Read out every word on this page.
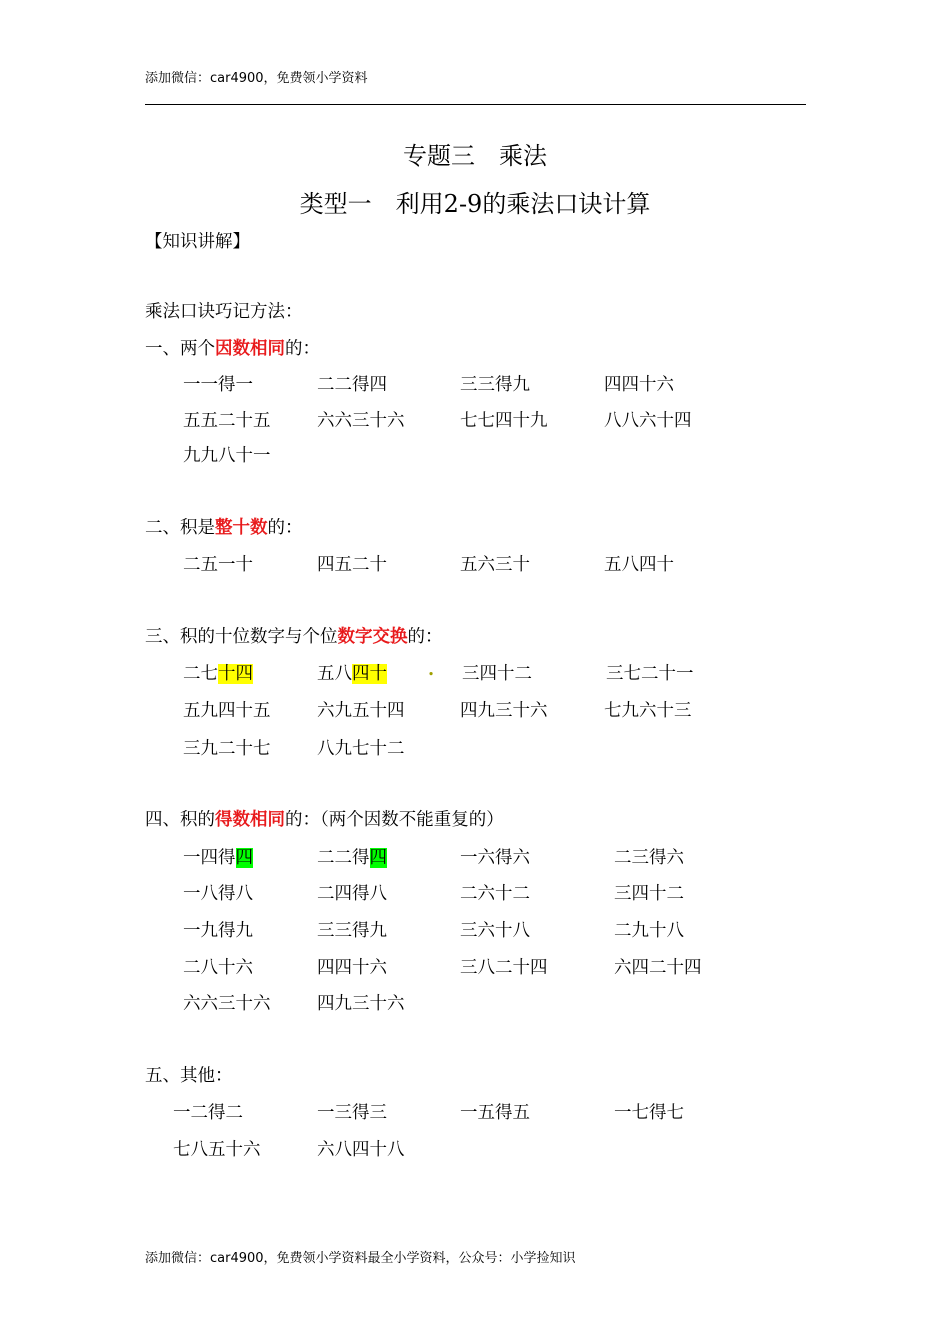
添加微信：car4900，免费领小学资料
专题三　乘法
类型一　利用2-9的乘法口诀计算
【知识讲解】
乘法口诀巧记方法：
一、两个因数相同的：
一一得一	二二得四	三三得九	四四十六
五五二十五	六六三十六	七七四十九	八八六十四
九九八十一
二、积是整十数的：
二五一十	四五二十	五六三十	五八四十
三、积的十位数字与个位数字交换的：
二七十四	五八四十 . 三四十二	三七二十一
五九四十五	六九五十四	四九三十六	七九六十三
三九二十七	八九七十二
四、积的得数相同的：（两个因数不能重复的）
一四得四	二二得四	一六得六	二三得六
一八得八	二四得八	二六十二	三四十二
一九得九	三三得九	三六十八	二九十八
二八十六	四四十六	三八二十四	六四二十四
六六三十六	四九三十六
五、其他：
一二得二	一三得三	一五得五	一七得七
七八五十六	六八四十八
添加微信：car4900，免费领小学资料最全小学资料，公众号：小学捡知识
